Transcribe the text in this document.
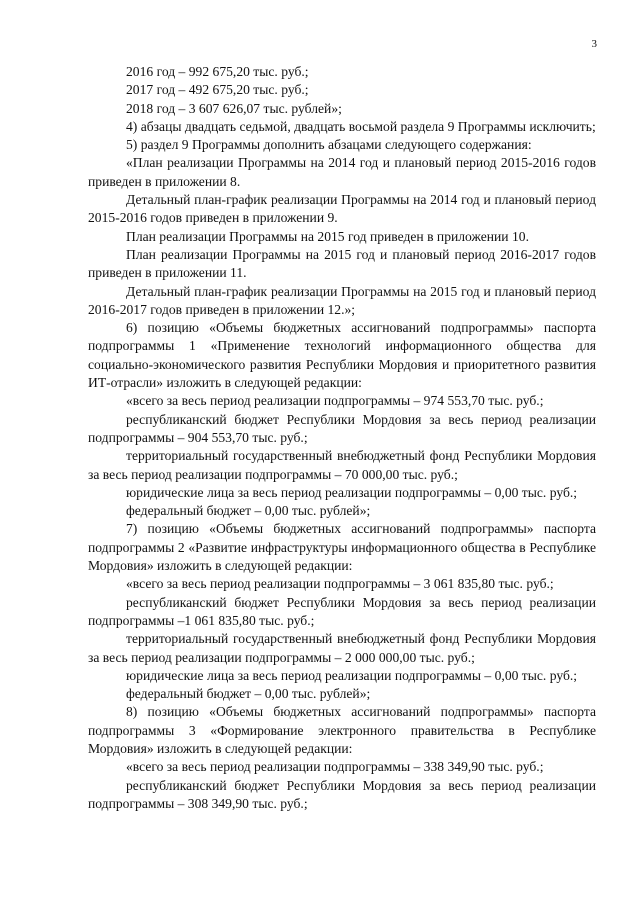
3

2016 год – 992 675,20 тыс. руб.;

2017 год – 492 675,20 тыс. руб.;

2018 год – 3 607 626,07 тыс. рублей»;

4) абзацы двадцать седьмой, двадцать восьмой раздела 9 Программы исключить;

5) раздел 9 Программы дополнить абзацами следующего содержания:

«План реализации Программы на 2014 год и плановый период 2015-2016 годов приведен в приложении 8.

Детальный план-график реализации Программы на 2014 год и плановый период 2015-2016 годов приведен в приложении 9.

План реализации Программы на 2015 год приведен в приложении 10.

План реализации Программы на 2015 год и плановый период 2016-2017 годов приведен в приложении 11.

Детальный план-график реализации Программы на 2015 год и плановый период 2016-2017 годов приведен в приложении 12.»;

6) позицию «Объемы бюджетных ассигнований подпрограммы» паспорта подпрограммы 1 «Применение технологий информационного общества для социально-экономического развития Республики Мордовия и приоритетного развития ИТ-отрасли» изложить в следующей редакции:

«всего за весь период реализации подпрограммы – 974 553,70 тыс. руб.;

республиканский бюджет Республики Мордовия за весь период реализации подпрограммы – 904 553,70 тыс. руб.;

территориальный государственный внебюджетный фонд Республики Мордовия за весь период реализации подпрограммы – 70 000,00 тыс. руб.;

юридические лица за весь период реализации подпрограммы – 0,00 тыс. руб.;

федеральный бюджет – 0,00 тыс. рублей»;

7) позицию «Объемы бюджетных ассигнований подпрограммы» паспорта подпрограммы 2 «Развитие инфраструктуры информационного общества в Республике Мордовия» изложить в следующей редакции:

«всего за весь период реализации подпрограммы – 3 061 835,80 тыс. руб.;

республиканский бюджет Республики Мордовия за весь период реализации подпрограммы –1 061 835,80 тыс. руб.;

территориальный государственный внебюджетный фонд Республики Мордовия за весь период реализации подпрограммы – 2 000 000,00 тыс. руб.;

юридические лица за весь период реализации подпрограммы – 0,00 тыс. руб.;

федеральный бюджет – 0,00 тыс. рублей»;

8) позицию «Объемы бюджетных ассигнований подпрограммы» паспорта подпрограммы 3 «Формирование электронного правительства в Республике Мордовия» изложить в следующей редакции:

«всего за весь период реализации подпрограммы – 338 349,90 тыс. руб.;

республиканский бюджет Республики Мордовия за весь период реализации подпрограммы – 308 349,90 тыс. руб.;
